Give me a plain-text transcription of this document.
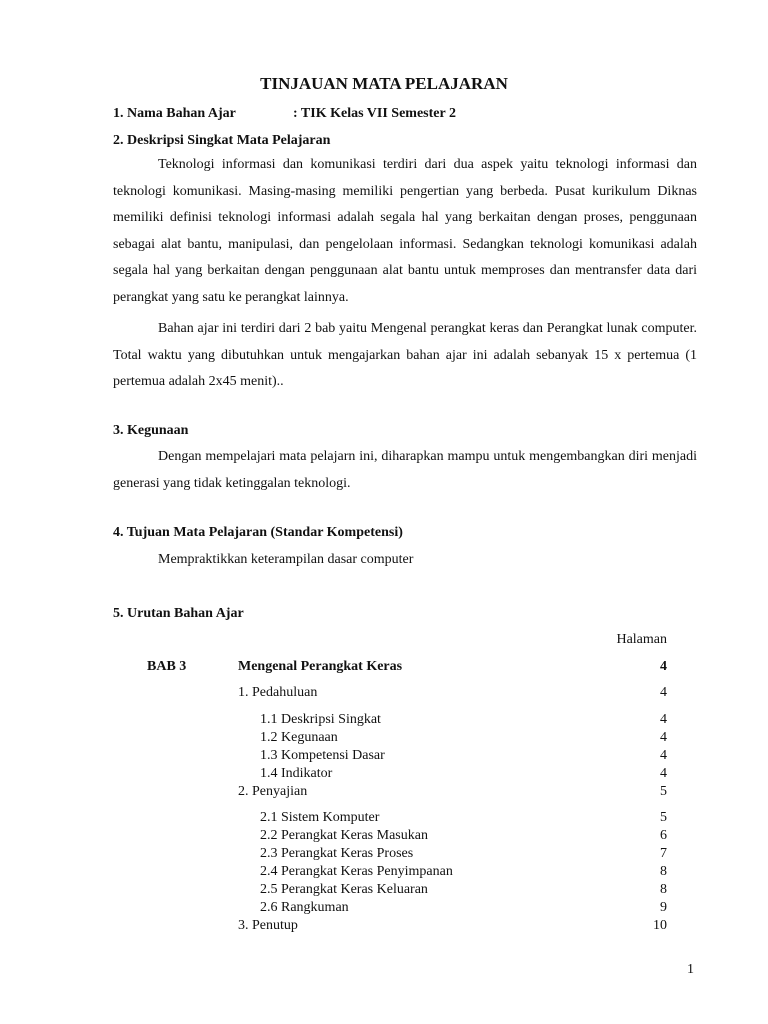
TINJAUAN MATA PELAJARAN
1. Nama Bahan Ajar	: TIK Kelas VII Semester 2
2. Deskripsi Singkat Mata Pelajaran
Teknologi informasi dan komunikasi terdiri dari dua aspek yaitu teknologi informasi dan teknologi komunikasi. Masing-masing memiliki pengertian yang berbeda. Pusat kurikulum Diknas memiliki definisi teknologi informasi adalah segala hal yang berkaitan dengan proses, penggunaan sebagai alat bantu, manipulasi, dan pengelolaan informasi. Sedangkan teknologi komunikasi adalah segala hal yang berkaitan dengan penggunaan alat bantu untuk memproses dan mentransfer data dari perangkat yang satu ke perangkat lainnya.
Bahan ajar ini terdiri dari 2 bab yaitu Mengenal perangkat keras dan Perangkat lunak computer. Total waktu yang dibutuhkan untuk mengajarkan bahan ajar ini adalah sebanyak 15 x pertemua (1 pertemua adalah 2x45 menit)..
3. Kegunaan
Dengan mempelajari mata pelajarn ini, diharapkan mampu untuk mengembangkan diri menjadi generasi yang tidak ketinggalan teknologi.
4. Tujuan Mata Pelajaran (Standar Kompetensi)
Mempraktikkan keterampilan dasar computer
5. Urutan Bahan Ajar
Halaman
BAB 3	Mengenal Perangkat Keras	4
1. Pedahuluan	4
1.1 Deskripsi Singkat	4
1.2 Kegunaan	4
1.3 Kompetensi Dasar	4
1.4 Indikator	4
2. Penyajian	5
2.1 Sistem Komputer	5
2.2 Perangkat Keras Masukan	6
2.3 Perangkat Keras Proses	7
2.4 Perangkat Keras Penyimpanan	8
2.5 Perangkat Keras Keluaran	8
2.6 Rangkuman	9
3. Penutup	10
1
